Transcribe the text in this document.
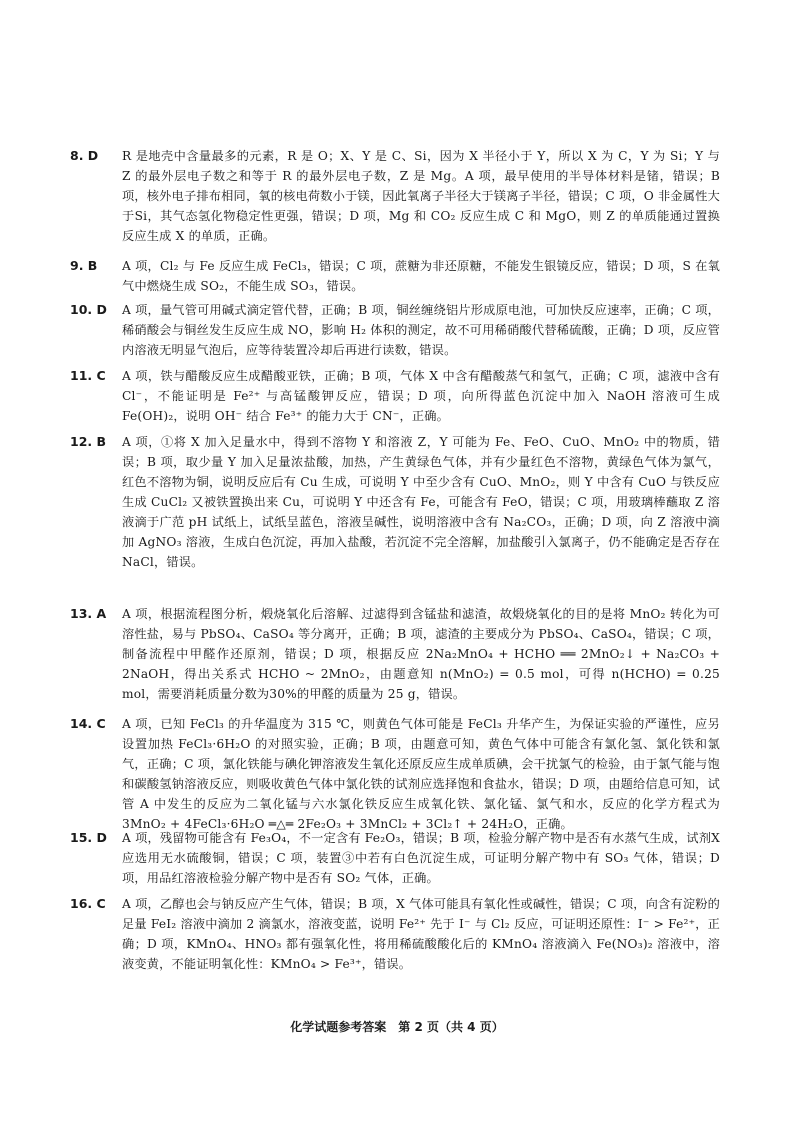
8. D	R 是地壳中含量最多的元素，R 是 O；X、Y 是 C、Si，因为 X 半径小于 Y，所以 X 为 C，Y 为 Si；Y 与 Z 的最外层电子数之和等于 R 的最外层电子数，Z 是 Mg。A 项，最早使用的半导体材料是锗，错误；B 项，核外电子排布相同，氧的核电荷数小于镁，因此氧离子半径大于镁离子半径，错误；C 项，O 非金属性大于Si，其气态氢化物稳定性更强，错误；D 项，Mg 和 CO₂ 反应生成 C 和 MgO，则 Z 的单质能通过置换反应生成 X 的单质，正确。
9. B	A 项，Cl₂ 与 Fe 反应生成 FeCl₃，错误；C 项，蔗糖为非还原糖，不能发生银镜反应，错误；D 项，S 在氧气中燃烧生成 SO₂，不能生成 SO₃，错误。
10. D	A 项，量气管可用碱式滴定管代替，正确；B 项，铜丝缠绕铝片形成原电池，可加快反应速率，正确；C 项，稀硝酸会与铜丝发生反应生成 NO，影响 H₂ 体积的测定，故不可用稀硝酸代替稀硫酸，正确；D 项，反应管内溶液无明显气泡后，应等待装置冷却后再进行读数，错误。
11. C	A 项，铁与醋酸反应生成醋酸亚铁，正确；B 项，气体 X 中含有醋酸蒸气和氢气，正确；C 项，滤液中含有Cl⁻，不能证明是 Fe²⁺ 与高锰酸钾反应，错误；D 项，向所得蓝色沉淀中加入 NaOH 溶液可生成 Fe(OH)₂，说明 OH⁻ 结合 Fe³⁺ 的能力大于 CN⁻，正确。
12. B	A 项，①将 X 加入足量水中，得到不溶物 Y 和溶液 Z，Y 可能为 Fe、FeO、CuO、MnO₂ 中的物质，错误；B 项，取少量 Y 加入足量浓盐酸，加热，产生黄绿色气体，并有少量红色不溶物，黄绿色气体为氯气，红色不溶物为铜，说明反应后有 Cu 生成，可说明 Y 中至少含有 CuO、MnO₂，则 Y 中含有 CuO 与铁反应生成 CuCl₂ 又被铁置换出来 Cu，可说明 Y 中还含有 Fe，可能含有 FeO，错误；C 项，用玻璃棒蘸取 Z 溶液滴于广范 pH 试纸上，试纸呈蓝色，溶液呈碱性，说明溶液中含有 Na₂CO₃，正确；D 项，向 Z 溶液中滴加 AgNO₃ 溶液，生成白色沉淀，再加入盐酸，若沉淀不完全溶解，加盐酸引入氯离子，仍不能确定是否存在 NaCl，错误。
13. A	A 项，根据流程图分析，煅烧氧化后溶解、过滤得到含锰盐和滤渣，故煅烧氧化的目的是将 MnO₂ 转化为可溶性盐，易与 PbSO₄、CaSO₄ 等分离开，正确；B 项，滤渣的主要成分为 PbSO₄、CaSO₄，错误；C 项，制备流程中甲醛作还原剂，错误；D 项，根据反应 2Na₂MnO₄ + HCHO ══ 2MnO₂↓ + Na₂CO₃ + 2NaOH，得出关系式 HCHO ~ 2MnO₂，由题意知 n(MnO₂) = 0.5 mol，可得 n(HCHO) = 0.25 mol，需要消耗质量分数为30%的甲醛的质量为 25 g，错误。
14. C	A 项，已知 FeCl₃ 的升华温度为 315 ℃，则黄色气体可能是 FeCl₃ 升华产生，为保证实验的严谨性，应另设置加热 FeCl₃·6H₂O 的对照实验，正确；B 项，由题意可知，黄色气体中可能含有氯化氢、氯化铁和氯气，正确；C 项，氯化铁能与碘化钾溶液发生氧化还原反应生成单质碘，会干扰氯气的检验，由于氯气能与饱和碳酸氢钠溶液反应，则吸收黄色气体中氯化铁的试剂应选择饱和食盐水，错误；D 项，由题给信息可知，试管 A 中发生的反应为二氧化锰与六水氯化铁反应生成氧化铁、氯化锰、氯气和水，反应的化学方程式为 3MnO₂ + 4FeCl₃·6H₂O ═△═ 2Fe₂O₃ + 3MnCl₂ + 3Cl₂↑ + 24H₂O，正确。
15. D	A 项，残留物可能含有 Fe₃O₄，不一定含有 Fe₂O₃，错误；B 项，检验分解产物中是否有水蒸气生成，试剂X应选用无水硫酸铜，错误；C 项，装置③中若有白色沉淀生成，可证明分解产物中有 SO₃ 气体，错误；D 项，用品红溶液检验分解产物中是否有 SO₂ 气体，正确。
16. C	A 项，乙醇也会与钠反应产生气体，错误；B 项，X 气体可能具有氧化性或碱性，错误；C 项，向含有淀粉的足量 FeI₂ 溶液中滴加 2 滴氯水，溶液变蓝，说明 Fe²⁺ 先于 I⁻ 与 Cl₂ 反应，可证明还原性：I⁻ > Fe²⁺，正确；D 项，KMnO₄、HNO₃ 都有强氧化性，将用稀硫酸酸化后的 KMnO₄ 溶液滴入 Fe(NO₃)₂ 溶液中，溶液变黄，不能证明氧化性：KMnO₄ > Fe³⁺，错误。
化学试题参考答案　第 2 页（共 4 页）
